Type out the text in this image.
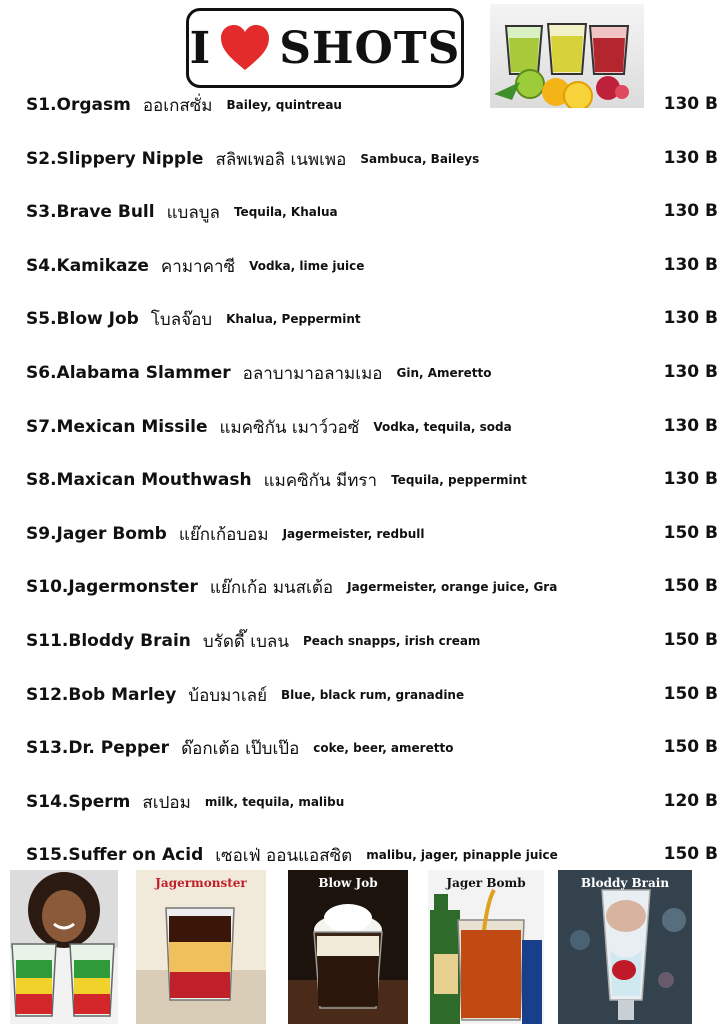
I SHOTS
S1. Orgasm ออเกสซั่ม Bailey, quintreau	130 B
S2. Slippery Nipple สลิพเพอลิ เนพเพอ Sambuca, Baileys	130 B
S3. Brave Bull แบลบูล Tequila, Khalua	130 B
S4. Kamikaze คามาคาซี Vodka, lime juice	130 B
S5. Blow Job โบลจ๊อบ Khalua, Peppermint	130 B
S6. Alabama Slammer อลาบามาอลามเมอ Gin, Ameretto	130 B
S7. Mexican Missile แมคซิกัน เมาว์วอซั Vodka, tequila, soda	130 B
S8. Maxican Mouthwash แมคซิกัน มีทรา Tequila, peppermint	130 B
S9. Jager Bomb แย๊กเก้อบอม Jagermeister, redbull	150 B
S10. Jagermonster แย๊กเก้อ มนสเต้อ Jagermeister, orange juice, Gra	150 B
S11. Bloddy Brain บรัดดี๊ เบลน Peach snapps, irish cream	150 B
S12. Bob Marley บ้อบมาเลย์ Blue, black rum, granadine	150 B
S13. Dr. Pepper ด๊อกเต้อ เป๊บเป๊อ coke, beer, ameretto	150 B
S14. Sperm สเปอม milk, tequila, malibu	120 B
S15. Suffer on Acid เซอเฟ่ ออนแอสซิต malibu, jager, pinapple juice	150 B
Jagermonster	Blow Job	Jager Bomb	Bloddy Brain
